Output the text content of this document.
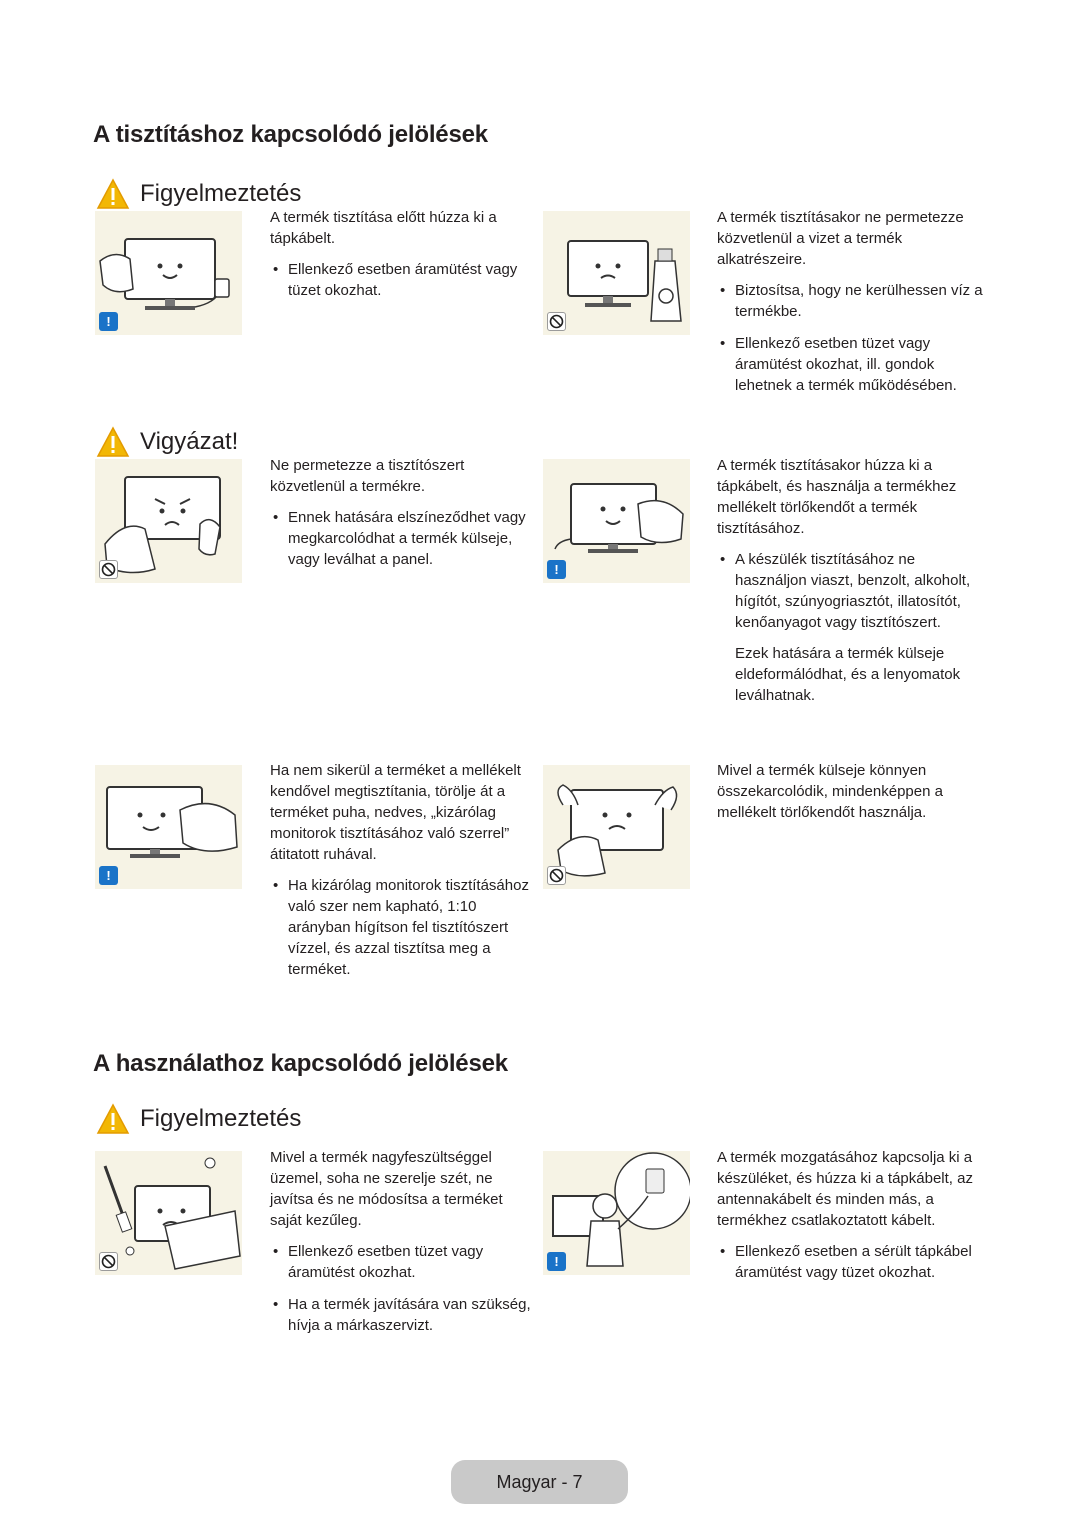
A tisztításhoz kapcsolódó jelölések
Figyelmeztetés
!

A termék tisztítása előtt húzza ki a tápkábelt.

• Ellenkező esetben áramütést vagy tüzet okozhat.

A termék tisztításakor ne permetezze közvetlenül a vizet a termék alkatrészeire.

• Biztosítsa, hogy ne kerülhessen víz a termékbe.
• Ellenkező esetben tüzet vagy áramütést okozhat, ill. gondok lehetnek a termék működésében.
Vigyázat!

Ne permetezze a tisztítószert közvetlenül a termékre.

• Ennek hatására elszíneződhet vagy megkarcolódhat a termék külseje, vagy leválhat a panel.
!

A termék tisztításakor húzza ki a tápkábelt, és használja a termékhez mellékelt törlőkendőt a termék tisztításához.

• A készülék tisztításához ne használjon viaszt, benzolt, alkoholt, hígítót, szúnyogriasztót, illatosítót, kenőanyagot vagy tisztítószert.
Ezek hatására a termék külseje eldeformálódhat, és a lenyomatok leválhatnak.
!

Ha nem sikerül a terméket a mellékelt kendővel megtisztítania, törölje át a terméket puha, nedves, „kizárólag monitorok tisztításához való szerrel” átitatott ruhával.

• Ha kizárólag monitorok tisztításához való szer nem kapható, 1:10 arányban hígítson fel tisztítószert vízzel, és azzal tisztítsa meg a terméket.

Mivel a termék külseje könnyen összekarcolódik, mindenképpen a mellékelt törlőkendőt használja.

A használathoz kapcsolódó jelölések
Figyelmeztetés

Mivel a termék nagyfeszültséggel üzemel, soha ne szerelje szét, ne javítsa és ne módosítsa a terméket saját kezűleg.

• Ellenkező esetben tüzet vagy áramütést okozhat.
• Ha a termék javítására van szükség, hívja a márkaszervizt.
!

A termék mozgatásához kapcsolja ki a készüléket, és húzza ki a tápkábelt, az antennakábelt és minden más, a termékhez csatlakoztatott kábelt.

• Ellenkező esetben a sérült tápkábel áramütést vagy tüzet okozhat.
Magyar - 7
